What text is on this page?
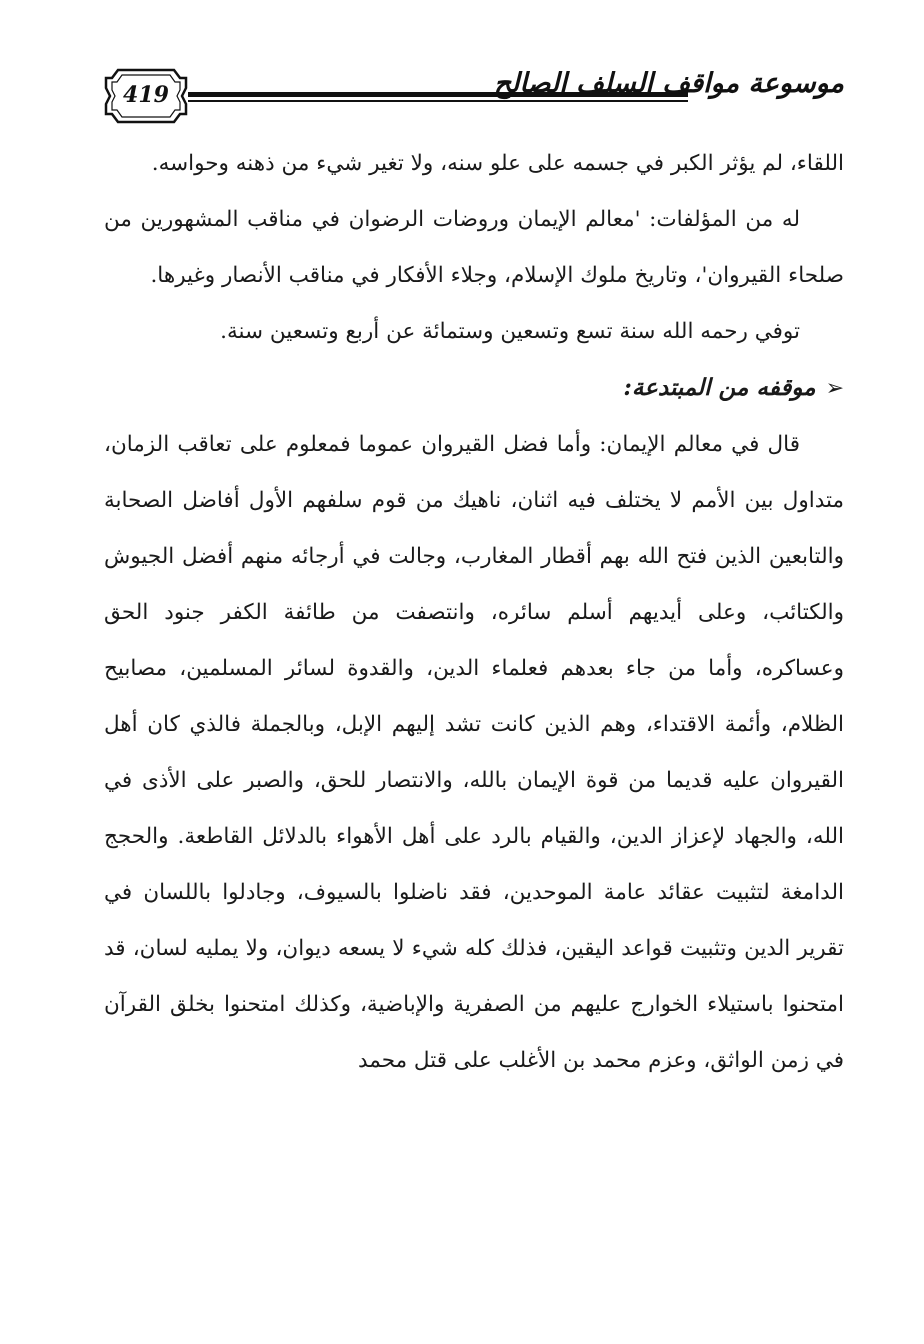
419	موسوعة مواقف السلف الصالح

اللقاء، لم يؤثر الكبر في جسمه على علو سنه، ولا تغير شيء من ذهنه وحواسه.

له من المؤلفات: 'معالم الإيمان وروضات الرضوان في مناقب المشهورين من صلحاء القيروان'، وتاريخ ملوك الإسلام، وجلاء الأفكار في مناقب الأنصار وغيرها.

توفي رحمه الله سنة تسع وتسعين وستمائة عن أربع وتسعين سنة.

➢موقفه من المبتدعة:

قال في معالم الإيمان: وأما فضل القيروان عموما فمعلوم على تعاقب الزمان، متداول بين الأمم لا يختلف فيه اثنان، ناهيك من قوم سلفهم الأول أفاضل الصحابة والتابعين الذين فتح الله بهم أقطار المغارب، وجالت في أرجائه منهم أفضل الجيوش والكتائب، وعلى أيديهم أسلم سائره، وانتصفت من طائفة الكفر جنود الحق وعساكره، وأما من جاء بعدهم فعلماء الدين، والقدوة لسائر المسلمين، مصابيح الظلام، وأئمة الاقتداء، وهم الذين كانت تشد إليهم الإبل، وبالجملة فالذي كان أهل القيروان عليه قديما من قوة الإيمان بالله، والانتصار للحق، والصبر على الأذى في الله، والجهاد لإعزاز الدين، والقيام بالرد على أهل الأهواء بالدلائل القاطعة. والحجج الدامغة لتثبيت عقائد عامة الموحدين، فقد ناضلوا بالسيوف، وجادلوا باللسان في تقرير الدين وتثبيت قواعد اليقين، فذلك كله شيء لا يسعه ديوان، ولا يمليه لسان، قد امتحنوا باستيلاء الخوارج عليهم من الصفرية والإباضية، وكذلك امتحنوا بخلق القرآن في زمن الواثق، وعزم محمد بن الأغلب على قتل محمد
